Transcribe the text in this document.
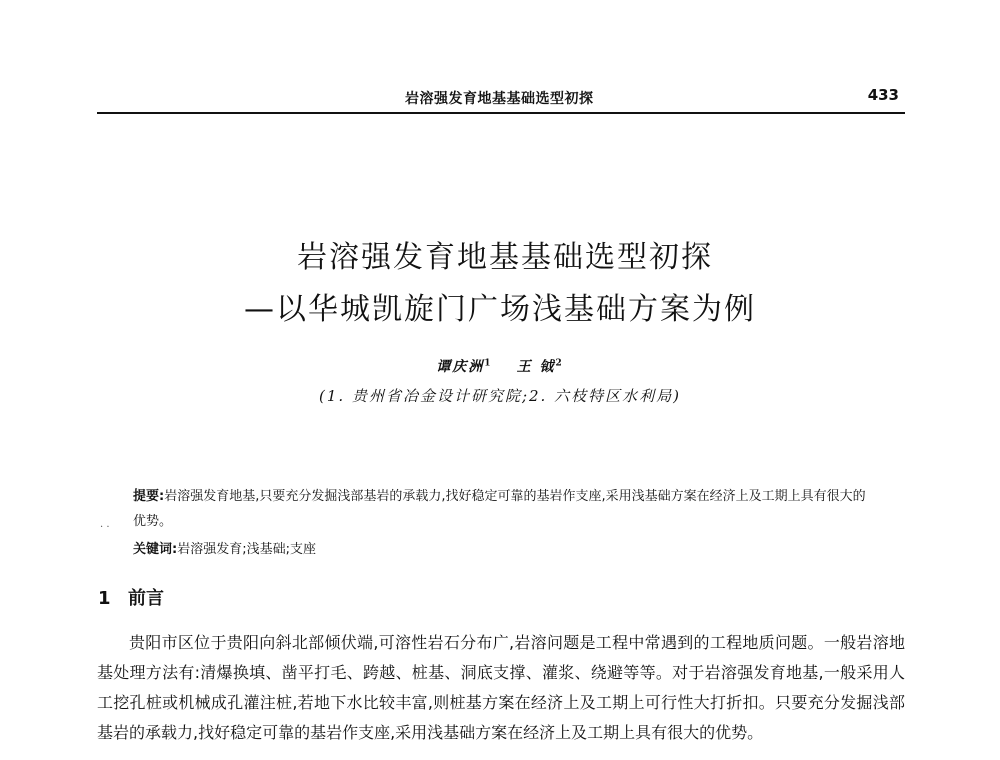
岩溶强发育地基基础选型初探	433
岩溶强发育地基基础选型初探
—以华城凯旋门广场浅基础方案为例
谭庆洲$^1$ 王 钺$^2$
(1. 贵州省冶金设计研究院;2. 六枝特区水利局)
. .
提要:岩溶强发育地基,只要充分发掘浅部基岩的承载力,找好稳定可靠的基岩作支座,采用浅基础方案在经济上及工期上具有很大的优势。
关键词:岩溶强发育;浅基础;支座
1 前言

贵阳市区位于贵阳向斜北部倾伏端,可溶性岩石分布广,岩溶问题是工程中常遇到的工程地质问题。一般岩溶地基处理方法有:清爆换填、凿平打毛、跨越、桩基、洞底支撑、灌浆、绕避等等。对于岩溶强发育地基,一般采用人工挖孔桩或机械成孔灌注桩,若地下水比较丰富,则桩基方案在经济上及工期上可行性大打折扣。只要充分发掘浅部基岩的承载力,找好稳定可靠的基岩作支座,采用浅基础方案在经济上及工期上具有很大的优势。
